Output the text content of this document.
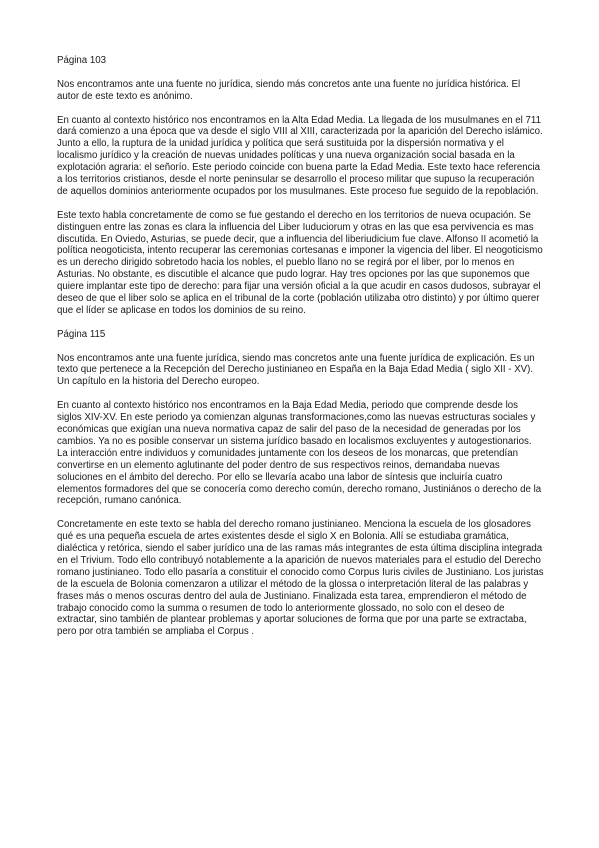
Página 103

Nos encontramos ante una fuente no jurídica, siendo más concretos ante una fuente no jurídica histórica. El autor de este texto es anónimo.

En cuanto al contexto histórico nos encontramos en la Alta Edad Media. La llegada de los musulmanes en el 711 dará comienzo a una época que va desde el siglo VIII al XIII, caracterizada por la aparición del Derecho islámico. Junto a ello, la ruptura de la unidad jurídica y política que será sustituida por la dispersión normativa y el localismo jurídico y la creación de nuevas unidades políticas y una nueva organización social basada en la explotación agraria: el señorío. Este periodo coincide con buena parte la Edad Media. Este texto hace referencia a los territorios cristianos, desde el norte peninsular se desarrollo el proceso militar que supuso la recuperación de aquellos dominios anteriormente ocupados por los musulmanes. Este proceso fue seguido de la repoblación.

Este texto habla concretamente de como se fue gestando el derecho en los territorios de nueva ocupación. Se distinguen entre las zonas es clara la influencia del Liber Iuduciorum y otras en las que esa pervivencia es mas discutida. En Oviedo, Asturias, se puede decir, que a influencia del liberiudicium fue clave. Alfonso II acometió la política neogoticista, intento recuperar las ceremonias cortesanas e imponer la vigencia del liber. El neogoticismo es un derecho dirigido sobretodo hacia los nobles, el pueblo llano no se regirá por el liber, por lo menos en Asturias. No obstante, es discutible el alcance que pudo lograr. Hay tres opciones por las que suponemos que quiere implantar este tipo de derecho: para fijar una versión oficial a la que acudir en casos dudosos, subrayar el deseo de que el liber solo se aplica en el tribunal de la corte (población utilizaba otro distinto) y por último querer que el líder se aplicase en todos los dominios de su reino.

Página 115

Nos encontramos ante una fuente jurídica, siendo mas concretos ante una fuente jurídica de explicación. Es un texto que pertenece a la Recepción del Derecho justinianeo en España en la Baja Edad Media ( siglo XII - XV). Un capítulo en la historia del Derecho europeo.

En cuanto al contexto histórico nos encontramos en la Baja Edad Media, periodo que comprende desde los siglos XIV-XV. En este periodo ya comienzan algunas transformaciones,como las nuevas estructuras sociales y económicas que exigían una nueva normativa capaz de salir del paso de la necesidad de generadas por los cambios. Ya no es posible conservar un sistema jurídico basado en localismos excluyentes y autogestionarios. La interacción entre individuos y comunidades juntamente con los deseos de los monarcas, que pretendían convertirse en un elemento aglutinante del poder dentro de sus respectivos reinos, demandaba nuevas soluciones en el ámbito del derecho. Por ello se llevaría acabo una labor de síntesis que incluiría cuatro elementos formadores del que se conocería como derecho común, derecho romano, Justiniános o derecho de la recepción, rumano canónica.

Concretamente en este texto se habla del derecho romano justinianeo. Menciona la escuela de los glosadores qué es una pequeña escuela de artes existentes desde el siglo X en Bolonia. Allí se estudiaba gramática, dialéctica y retórica, siendo el saber jurídico una de las ramas más integrantes de esta última disciplina integrada en el Trivium. Todo ello contribuyó notablemente a la aparición de nuevos materiales para el estudio del Derecho romano justinianeo. Todo ello pasaría a constituir el conocido como Corpus Iuris civiles de Justiniano. Los juristas de la escuela de Bolonia comenzaron a utilizar el método de la glossa o interpretación literal de las palabras y frases más o menos oscuras dentro del aula de Justiniano. Finalizada esta tarea, emprendieron el método de trabajo conocido como la summa o resumen de todo lo anteriormente glossado, no solo con el deseo de extractar, sino también de plantear problemas y aportar soluciones de forma que por una parte se extractaba, pero por otra también se ampliaba el Corpus .
